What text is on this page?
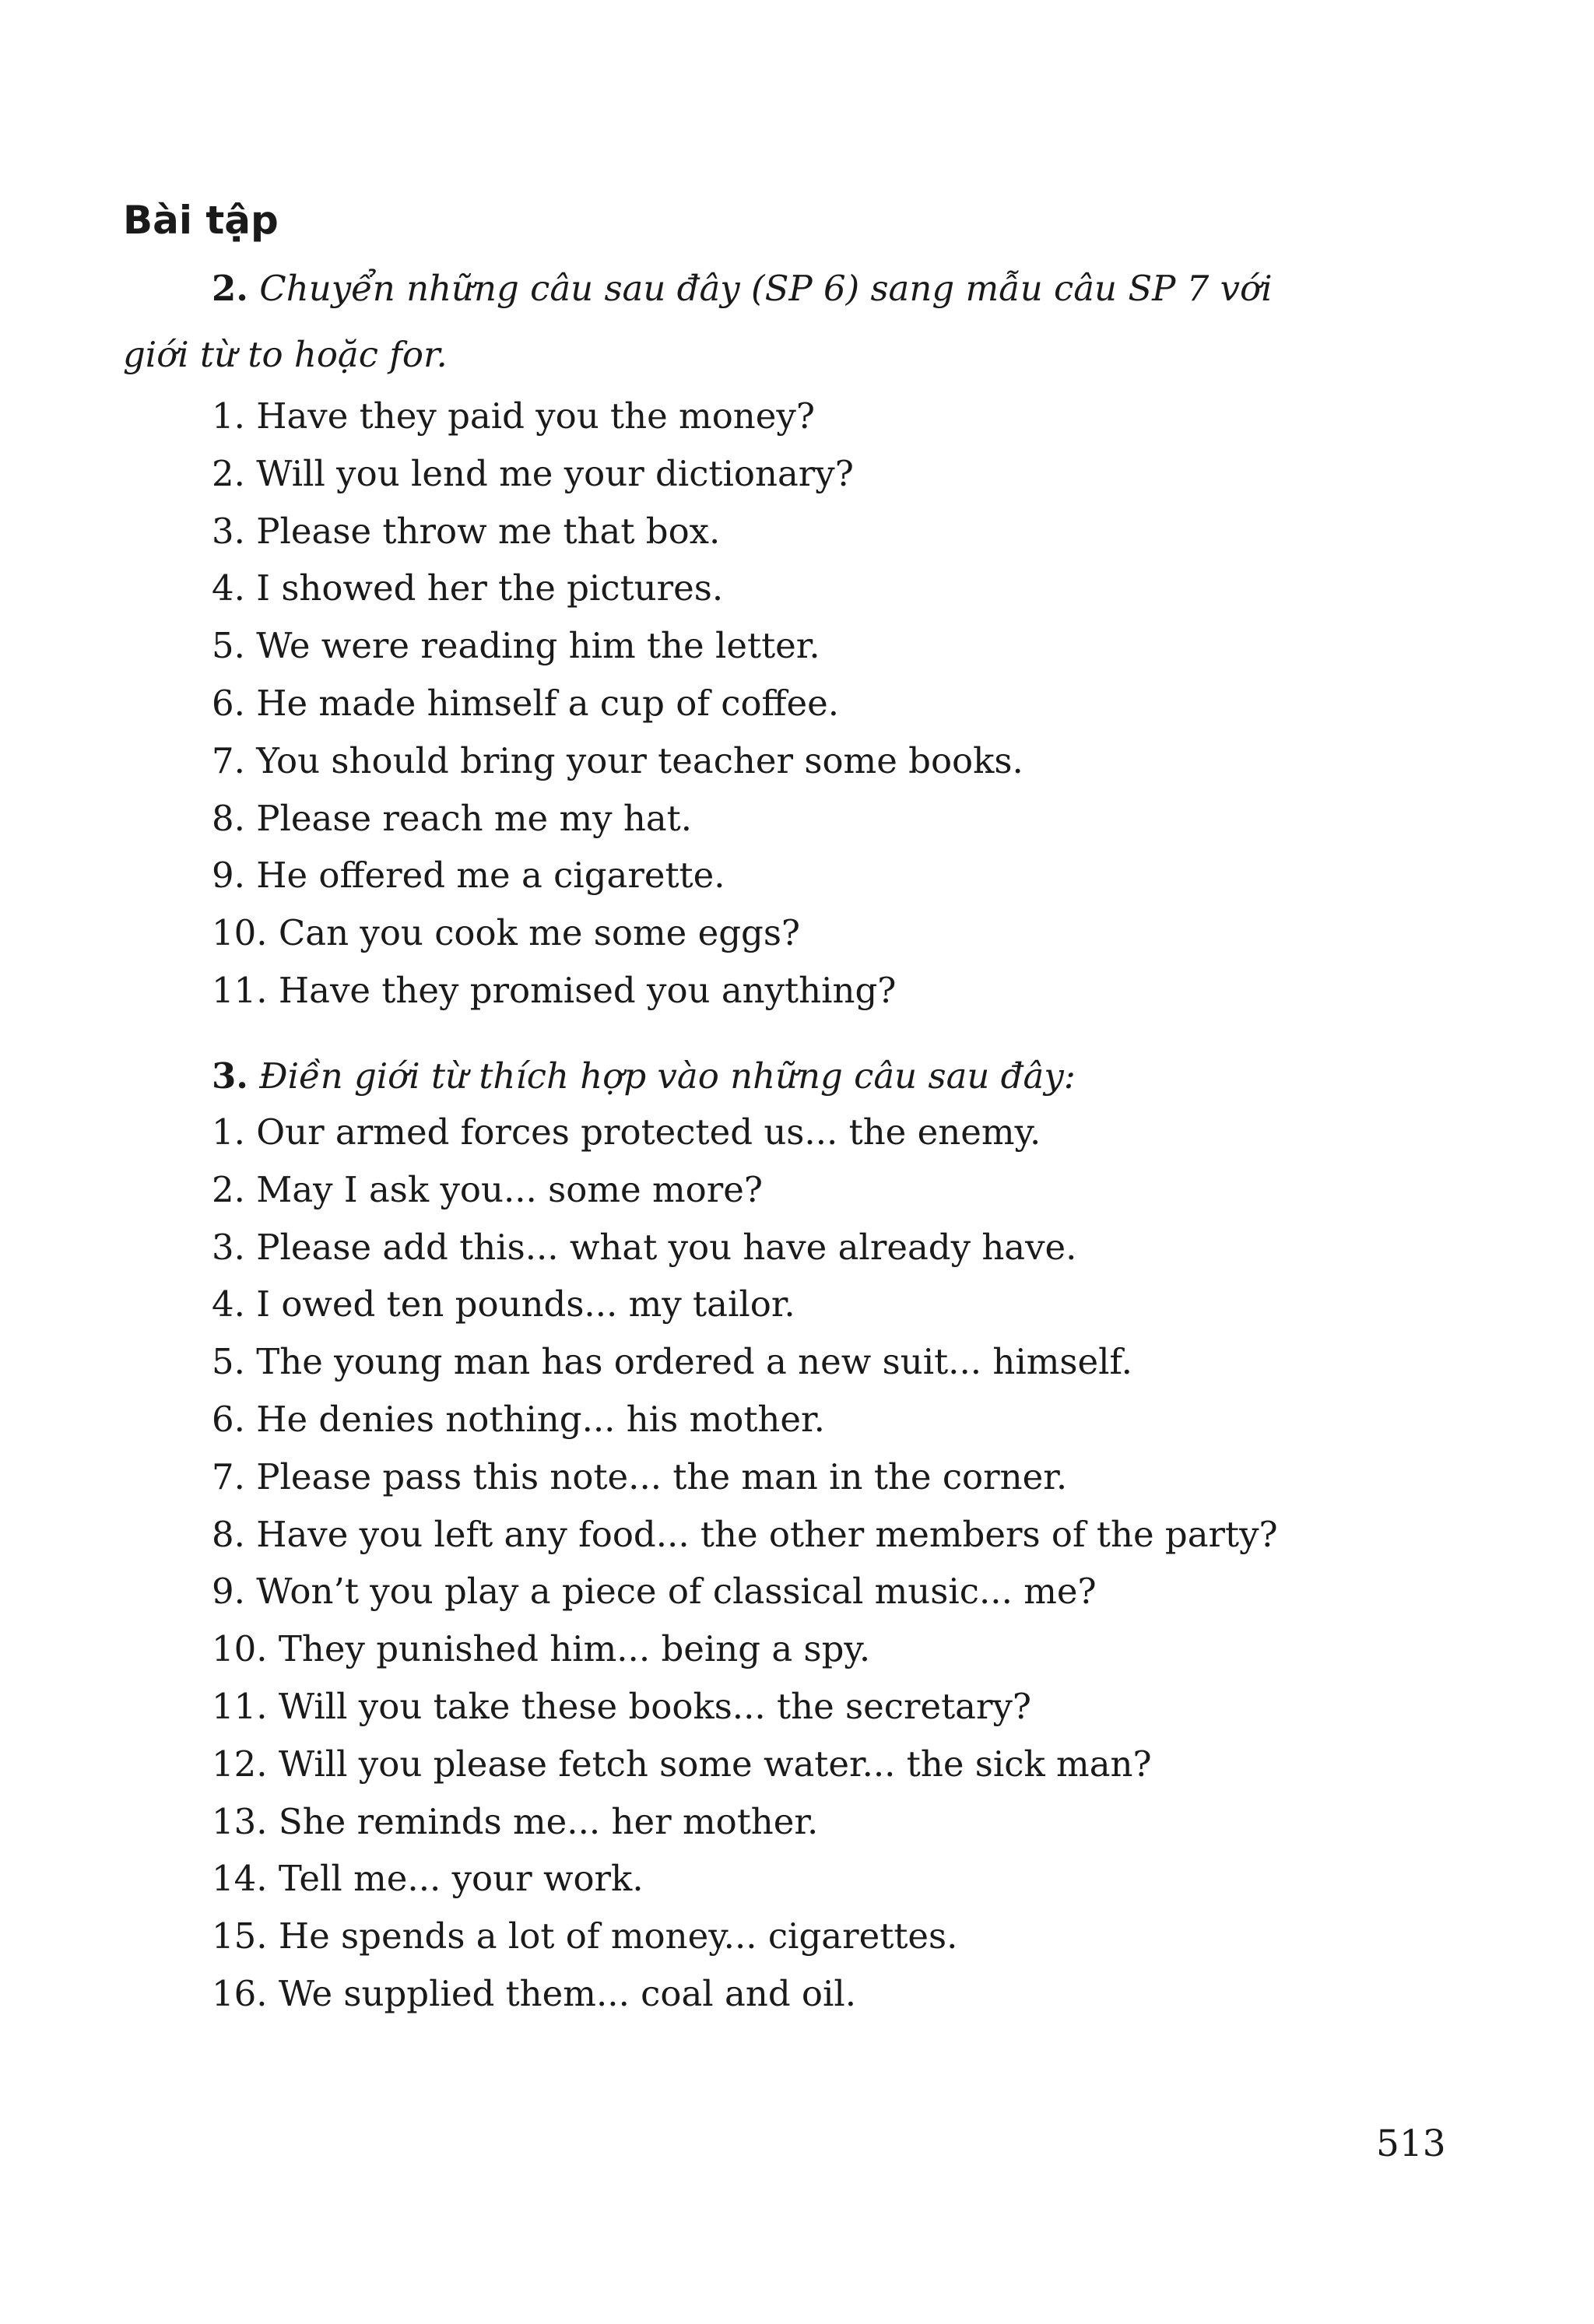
Bài tập
2. Chuyển những câu sau đây (SP 6) sang mẫu câu SP 7 với
giới từ to hoặc for.
1. Have they paid you the money?
2. Will you lend me your dictionary?
3. Please throw me that box.
4. I showed her the pictures.
5. We were reading him the letter.
6. He made himself a cup of coffee.
7. You should bring your teacher some books.
8. Please reach me my hat.
9. He offered me a cigarette.
10. Can you cook me some eggs?
11. Have they promised you anything?
3. Điền giới từ thích hợp vào những câu sau đây:
1. Our armed forces protected us... the enemy.
2. May I ask you... some more?
3. Please add this... what you have already have.
4. I owed ten pounds... my tailor.
5. The young man has ordered a new suit... himself.
6. He denies nothing... his mother.
7. Please pass this note... the man in the corner.
8. Have you left any food... the other members of the party?
9. Won’t you play a piece of classical music... me?
10. They punished him... being a spy.
11. Will you take these books... the secretary?
12. Will you please fetch some water... the sick man?
13. She reminds me... her mother.
14. Tell me... your work.
15. He spends a lot of money... cigarettes.
16. We supplied them... coal and oil.
513
